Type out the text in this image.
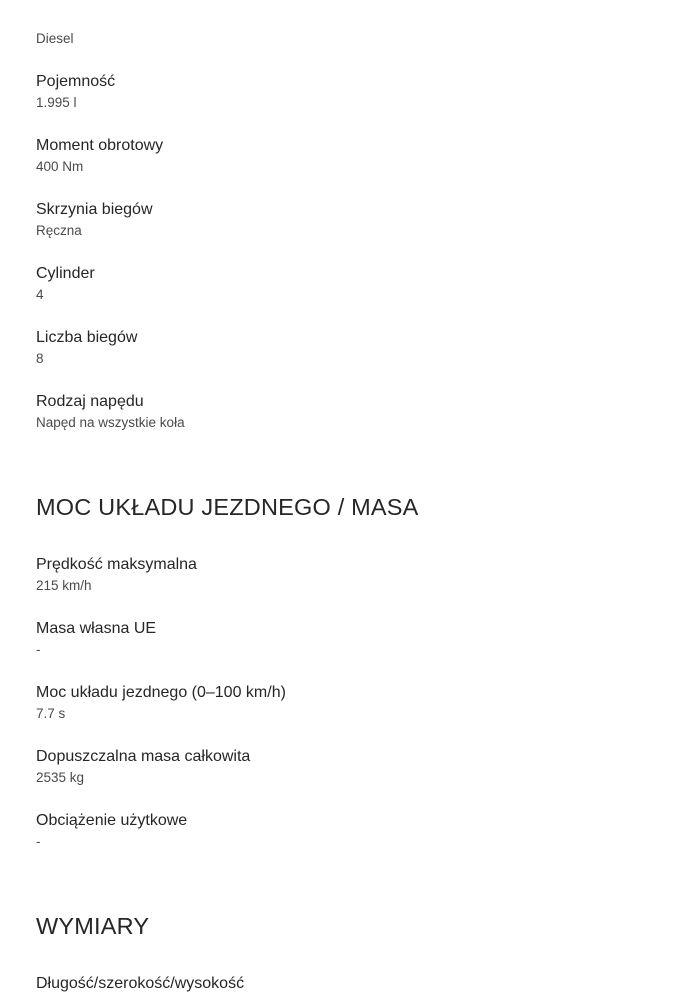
Diesel
Pojemność
1.995 l
Moment obrotowy
400 Nm
Skrzynia biegów
Ręczna
Cylinder
4
Liczba biegów
8
Rodzaj napędu
Napęd na wszystkie koła
MOC UKŁADU JEZDNEGO / MASA
Prędkość maksymalna
215 km/h
Masa własna UE
-
Moc układu jezdnego (0–100 km/h)
7.7 s
Dopuszczalna masa całkowita
2535 kg
Obciążenie użytkowe
-
WYMIARY
Długość/szerokość/wysokość
